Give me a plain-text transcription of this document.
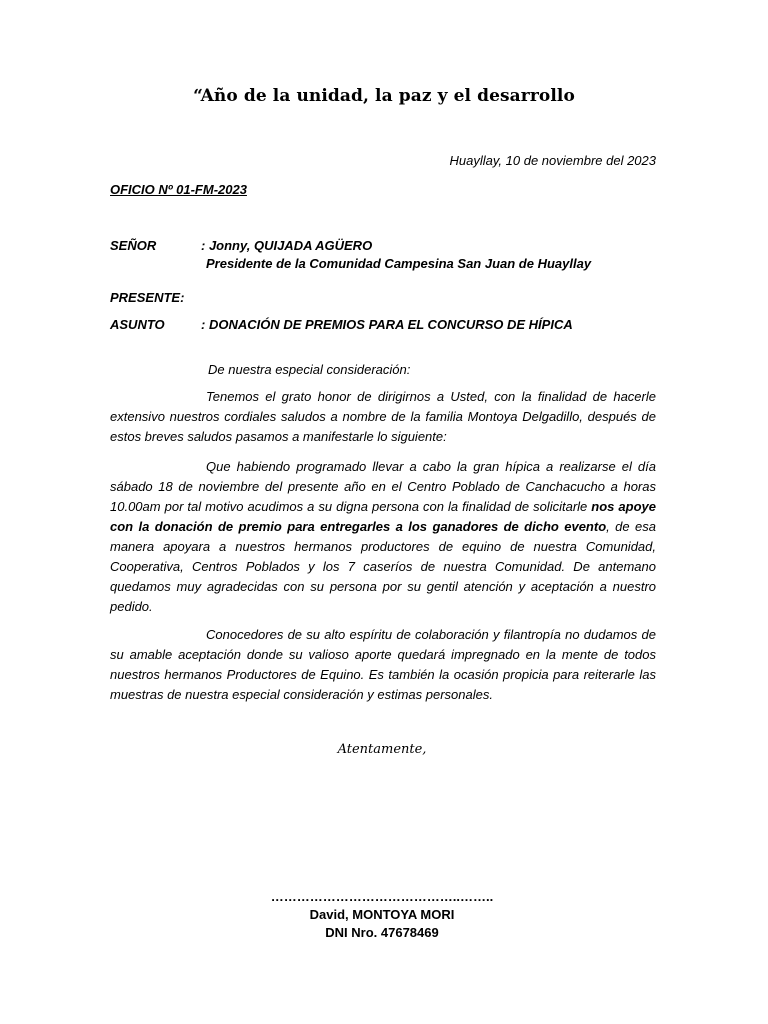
“Año de la unidad, la paz y el desarrollo
Huayllay, 10 de noviembre del 2023
OFICIO Nº 01-FM-2023
SEÑOR	: Jonny, QUIJADA AGÜERO
Presidente de la Comunidad Campesina San Juan de Huayllay
PRESENTE:
ASUNTO	: DONACIÓN DE PREMIOS PARA EL CONCURSO DE HÍPICA
De nuestra especial consideración:
Tenemos el grato honor de dirigirnos a Usted, con la finalidad de hacerle extensivo nuestros cordiales saludos a nombre de la familia Montoya Delgadillo, después de estos breves saludos pasamos a manifestarle lo siguiente:
Que habiendo programado llevar a cabo la gran hípica a realizarse el día sábado 18 de noviembre del presente año en el Centro Poblado de Canchacucho a horas 10.00am por tal motivo acudimos a su digna persona con la finalidad de solicitarle nos apoye con la donación de premio para entregarles a los ganadores de dicho evento, de esa manera apoyara a nuestros hermanos productores de equino de nuestra Comunidad, Cooperativa, Centros Poblados y los 7 caseríos de nuestra Comunidad. De antemano quedamos muy agradecidas con su persona por su gentil atención y aceptación a nuestro pedido.
Conocedores de su alto espíritu de colaboración y filantropía no dudamos de su amable aceptación donde su valioso aporte quedará impregnado en la mente de todos nuestros hermanos Productores de Equino. Es también la ocasión propicia para reiterarle las muestras de nuestra especial consideración y estimas personales.
Atentamente,
……………………………………..……..
David, MONTOYA MORI
DNI Nro. 47678469
